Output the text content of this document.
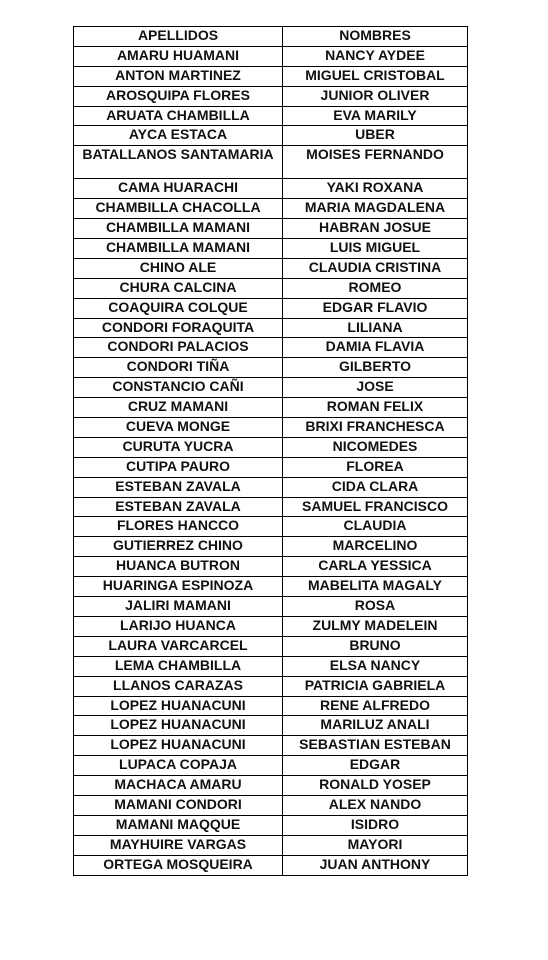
APELLIDOS	NOMBRES
AMARU HUAMANI	NANCY AYDEE
ANTON MARTINEZ	MIGUEL CRISTOBAL
AROSQUIPA FLORES	JUNIOR OLIVER
ARUATA CHAMBILLA	EVA MARILY
AYCA ESTACA	UBER
BATALLANOS SANTAMARIA	MOISES FERNANDO
CAMA HUARACHI	YAKI ROXANA
CHAMBILLA CHACOLLA	MARIA MAGDALENA
CHAMBILLA MAMANI	HABRAN JOSUE
CHAMBILLA MAMANI	LUIS MIGUEL
CHINO ALE	CLAUDIA CRISTINA
CHURA CALCINA	ROMEO
COAQUIRA COLQUE	EDGAR FLAVIO
CONDORI FORAQUITA	LILIANA
CONDORI PALACIOS	DAMIA FLAVIA
CONDORI TIÑA	GILBERTO
CONSTANCIO CAÑI	JOSE
CRUZ MAMANI	ROMAN FELIX
CUEVA MONGE	BRIXI FRANCHESCA
CURUTA YUCRA	NICOMEDES
CUTIPA PAURO	FLOREA
ESTEBAN ZAVALA	CIDA CLARA
ESTEBAN ZAVALA	SAMUEL FRANCISCO
FLORES HANCCO	CLAUDIA
GUTIERREZ CHINO	MARCELINO
HUANCA BUTRON	CARLA YESSICA
HUARINGA ESPINOZA	MABELITA MAGALY
JALIRI MAMANI	ROSA
LARIJO HUANCA	ZULMY MADELEIN
LAURA VARCARCEL	BRUNO
LEMA CHAMBILLA	ELSA NANCY
LLANOS CARAZAS	PATRICIA GABRIELA
LOPEZ HUANACUNI	RENE ALFREDO
LOPEZ HUANACUNI	MARILUZ ANALI
LOPEZ HUANACUNI	SEBASTIAN ESTEBAN
LUPACA COPAJA	EDGAR
MACHACA AMARU	RONALD YOSEP
MAMANI CONDORI	ALEX NANDO
MAMANI MAQQUE	ISIDRO
MAYHUIRE VARGAS	MAYORI
ORTEGA MOSQUEIRA	JUAN ANTHONY
